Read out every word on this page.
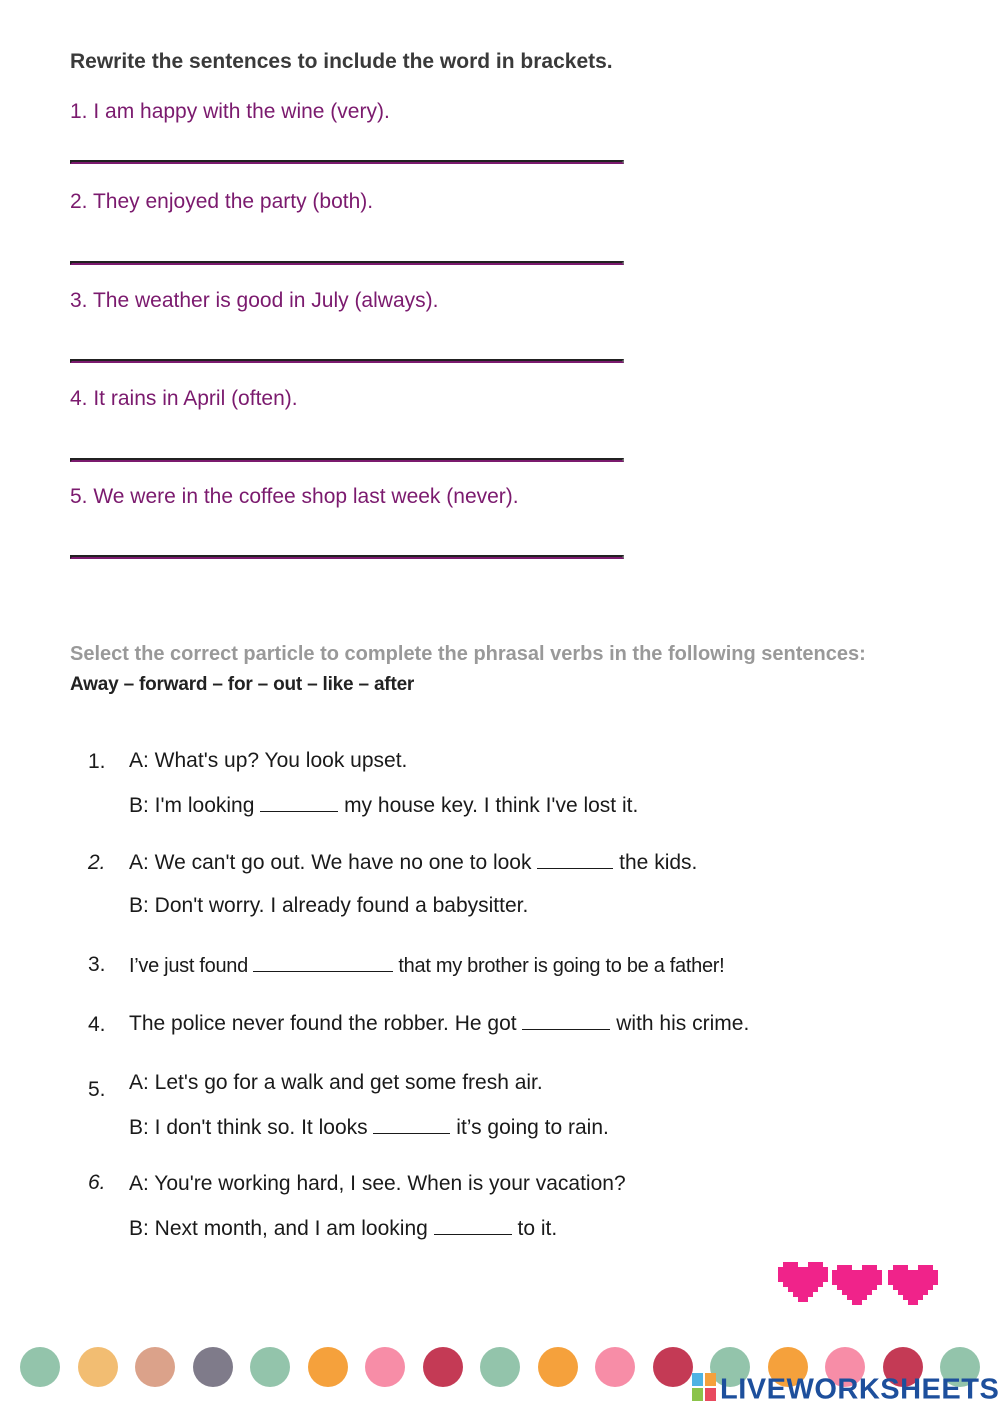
Rewrite the sentences to include the word in brackets.
1. I am happy with the wine (very).
2. They enjoyed the party (both).
3. The weather is good in July (always).
4. It rains in April (often).
5. We were in the coffee shop last week (never).
Select the correct particle to complete the phrasal verbs in the following sentences:
Away – forward – for – out – like – after
1.	A: What's up? You look upset.
B: I'm looking	my house key. I think I've lost it.
2.	A: We can't go out. We have no one to look	the kids.
B: Don't worry. I already found a babysitter.
3.	I’ve just found	that my brother is going to be a father!
4.	The police never found the robber. He got	with his crime.
5.	A: Let's go for a walk and get some fresh air.
B: I don't think so. It looks	it’s going to rain.
6.	A: You're working hard, I see. When is your vacation?
B: Next month, and I am looking	to it.
LIVEWORKSHEETS
